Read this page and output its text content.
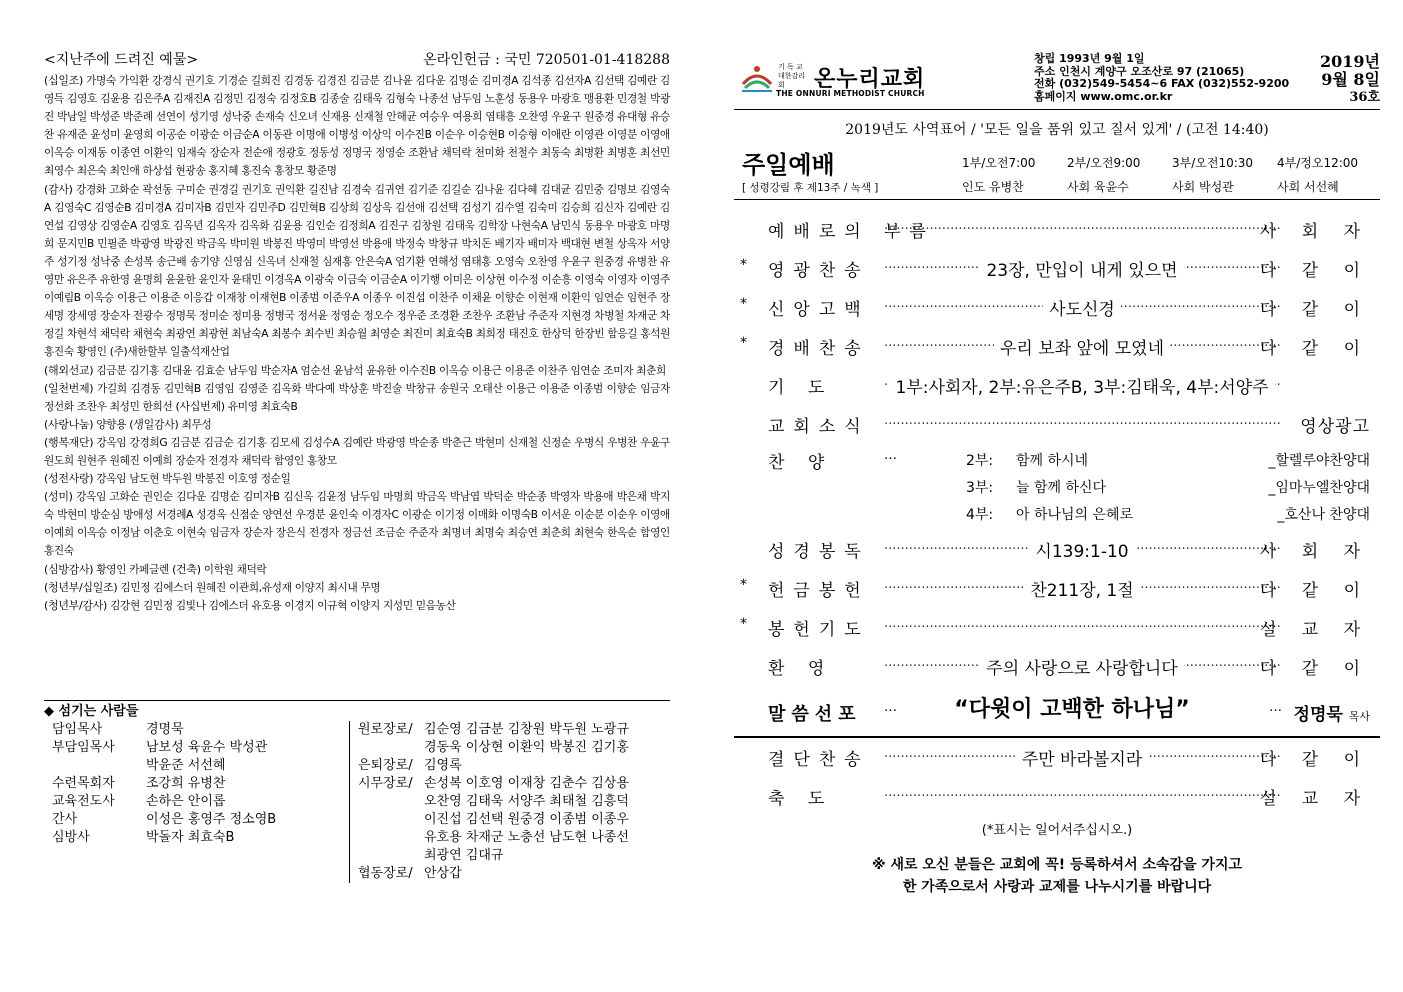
<지난주에 드려진 예물>	온라인헌금 : 국민 720501-01-418288
(십일조) 가명숙 가익환 강경식 권기호 기경순 길희진 김경동 김경진 김금분 김나윤 김다운 김명순 김미경A 김석종 김선자A 김선택 김예란 김영득 김영호 김윤용 김은주A 김재진A 김정민 김정숙 김정호B 김종술 김태욱 김형숙 나종선 남두임 노훈성 동용우 마광호 맹용환 민경철 박광진 박남일 박성준 박준례 선연이 성기영 성낙중 손재숙 신오녀 신재용 신재철 안해균 여승우 여용희 염태흥 오찬영 우윤구 원중경 유대형 유승찬 유재준 윤성미 윤영희 이공순 이광순 이금순A 이동관 이명애 이병성 이상익 이수진B 이순우 이승현B 이승형 이애란 이영관 이영분 이영애 이옥승 이재동 이종연 이환익 임재숙 장순자 전순애 정광호 정동성 정명국 정영순 조환남 채덕락 천미화 천철수 최동숙 최병환 최병훈 최선민 최영수 최은숙 최인애 하상섭 현광송 홍지혜 홍진숙 홍창모 황준명
(감사) 강경화 고화순 곽선동 구미순 권경길 권기호 권익환 길진남 김경숙 김귀연 김기준 김길순 김나윤 김다혜 김대균 김민중 김명보 김영숙A 김영숙C 김영순B 김미경A 김미자B 김민자 김민주D 김민혁B 김상희 김상옥 김선애 김선택 김성기 김수열 김숙미 김승희 김신자 김예란 김연섭 김영상 김영순A 김영호 김옥년 김옥자 김옥화 김윤용 김인순 김정희A 김진구 김창원 김태욱 김학장 나현숙A 남민식 동용우 마광호 마명희 문지민B 민필준 박광영 박광진 박금옥 박미원 박봉진 박영미 박영선 박용애 박정숙 박창규 박치돈 배기자 배미자 백대현 변철 상옥자 서양주 성기정 성낙중 손성복 송근배 송기양 신영심 신옥녀 신재철 심재홍 안은숙A 엄기환 연해성 염태홍 오영숙 오찬영 우윤구 원중경 유병찬 유영만 유은주 유한영 윤명희 윤윤한 윤인자 윤태민 이경옥A 이광숙 이금숙 이금순A 이기행 이미은 이상현 이수정 이순흥 이영숙 이영자 이영주 이예림B 이옥승 이용근 이용준 이응갑 이재창 이재현B 이종범 이준우A 이종우 이진섭 이찬주 이채윤 이향순 이현재 이환익 임연순 임현주 장세명 장세영 장순자 전광수 정명묵 정미순 정미용 정병국 정서윤 정영순 정오수 정우준 조경환 조찬우 조환남 주준자 지현경 차병철 차재군 차정길 차현석 채덕락 채현숙 최광연 최광현 최남숙A 최봉수 최수빈 최승월 최영순 최진미 최효숙B 최희정 태진호 한상덕 한장빈 함응길 홍석원 홍진숙 황영인 (주)새한할부 일출석재산업
(해외선교) 김금분 김기홍 김대윤 김효순 남두임 박순자A 엄순선 윤남석 윤유한 이수진B 이옥승 이용근 이용준 이찬주 임연순 조미자 최춘희
(일천번제) 가길희 김경동 김민혁B 김영임 김영준 김옥화 박다예 박상훈 박진술 박창규 송원국 오태산 이용근 이용준 이종범 이향순 임금자 정선화 조찬우 최성민 한희선 (사십번제) 유미영 최효숙B
(사랑나눔) 양향용 (생일감사) 최무성
(행복재단) 강옥임 강경희G 김금분 김금순 김기홍 김모세 김성수A 김예란 박광영 박순종 박춘근 박현미 신재철 신정순 우병식 우병찬 우윤구 원도희 원현주 원혜진 이예희 장순자 전경자 채덕락 함영인 홍창모
(성전사랑) 강옥임 남도현 박두원 박봉진 이호영 정순일
(성미) 강옥임 고화순 권인순 김다운 김명순 김미자B 김신옥 김윤정 남두임 마명희 박금옥 박남엽 박덕순 박순종 박영자 박용애 박은채 박지숙 박현미 방순심 방애성 서경례A 성경옥 신점순 양연선 우경분 윤인숙 이경자C 이광순 이기정 이매화 이명숙B 이서운 이순분 이순우 이영애 이예희 이옥승 이정남 이춘호 이현숙 임금자 장순자 장은식 전경자 정금선 조금순 주준자 최명녀 최명숙 최승연 최춘희 최현숙 한옥순 함영인 홍진숙
(심방감사) 황영인 카페글렌 (건축) 이학원 채덕락
(청년부/십일조) 김민정 김에스더 원혜진 이관희,유성재 이양지 최시내 무명
(청년부/감사) 김강현 김민정 김빛나 김에스더 유호용 이경지 이규혁 이양지 지성민 믿음농산
◆ 섬기는 사람들
담임목사	경명묵
부담임목사	남보성 육윤수 박성관
박윤준 서선혜
수련목회자	조강희 유병찬
교육전도사	손하은 안이롭
간사	이성은 홍영주 정소영B
심방사	박돌자 최효숙B
원로장로/ 김순영 김금분 김창원 박두원 노광규
경동욱 이상현 이환익 박봉진 김기홍
은퇴장로/ 김영록
시무장로/ 손성복 이호영 이재창 김춘수 김상용
오찬영 김태욱 서양주 최태철 김흥덕
이진섭 김선택 원중경 이종범 이종우
유호용 차재군 노충선 남도현 나종선
최광연 김대규
협동장로/ 안상갑
기 독 교 대한감리회	온누리교회
THE ONNURI METHODIST CHURCH
창립 1993년 9월 1일
주소 인천시 계양구 오조산로 97 (21065)
전화 (032)549-5454~6 FAX (032)552-9200
홈페이지 www.omc.or.kr
2019년
9월 8일
36호
2019년도 사역표어 / '모든 일을 품위 있고 질서 있게' / (고전 14:40)
주일예배
[ 성령강림 후 제13주 / 녹색 ]
1부/오전7:00	2부/오전9:00	3부/오전10:30	4부/정오12:00
인도 유병찬	사회 육윤수	사회 박성관	사회 서선혜
예배로의 부름 ·····	사 회 자
* 영광찬송 ·····	23장, 만입이 내게 있으면	다 같 이
* 신앙고백 ·····	사도신경	다 같 이
* 경배찬송 ·····	우리 보좌 앞에 모였네	다 같 이
기 도 ·····	1부:사회자, 2부:유은주B, 3부:김태욱, 4부:서양주
교회소식 ·····	영상광고
찬 양	…	2부:	함께 하시네	_할렐루야찬양대
3부:	늘 함께 하신다	_임마누엘찬양대
4부:	아 하나님의 은혜로	_호산나 찬양대
성경봉독 ·····	시139:1-10	사 회 자
* 헌금봉헌 ·····	찬211장, 1절	다 같 이
* 봉헌기도 ·····	설 교 자
환 영 ·····	주의 사랑으로 사랑합니다	다 같 이
말씀선포 …	“다윗이 고백한 하나님”	… 정명묵 목사
결단찬송 ·····	주만 바라볼지라	다 같 이
축 도 ·····	설 교 자
(*표시는 일어서주십시오.)
※ 새로 오신 분들은 교회에 꼭! 등록하셔서 소속감을 가지고
한 가족으로서 사랑과 교제를 나누시기를 바랍니다
